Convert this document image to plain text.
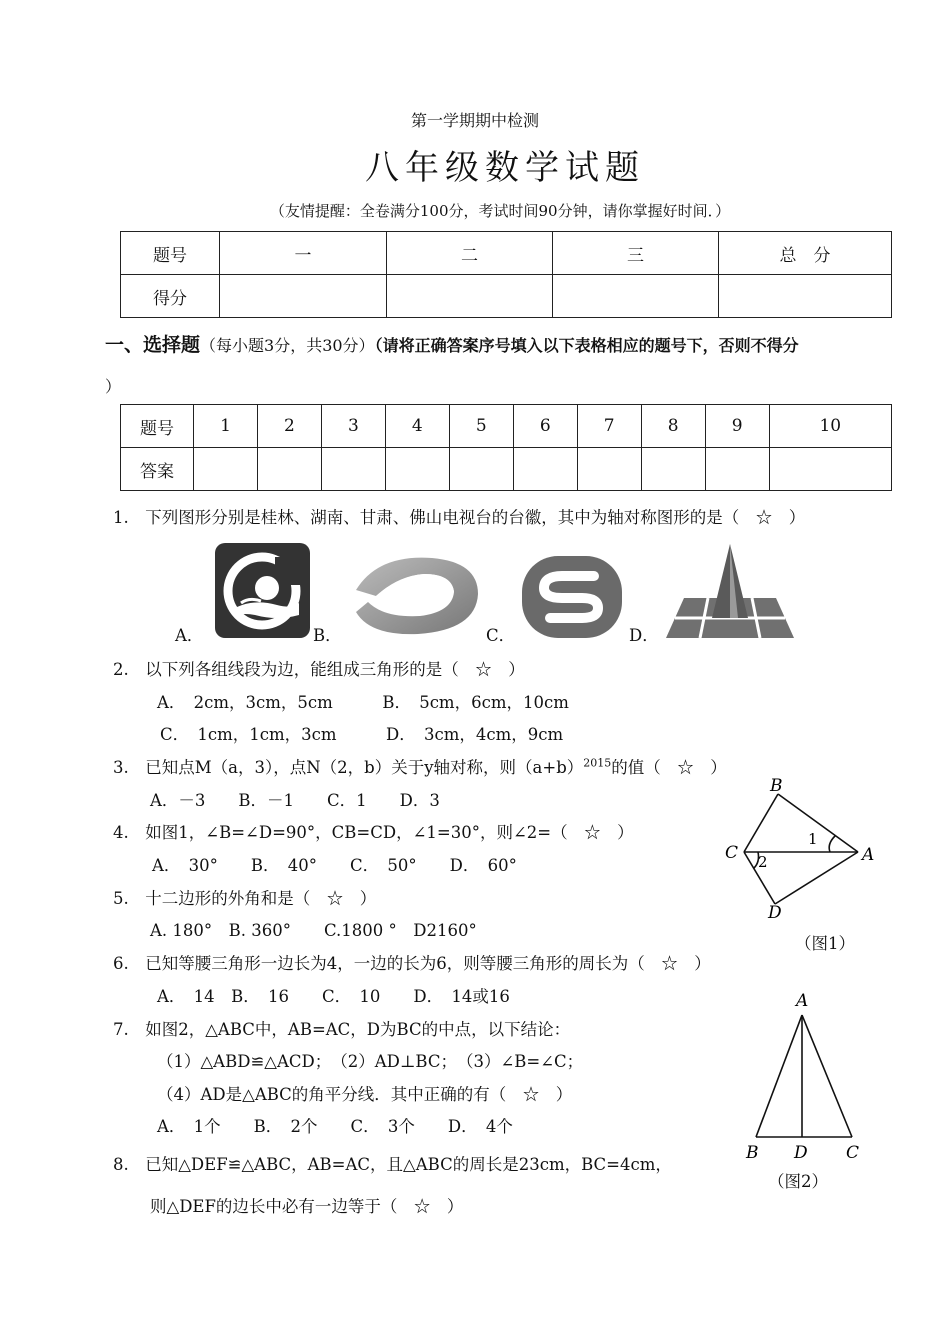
第一学期期中检测
八年级数学试题
（友情提醒：全卷满分100分，考试时间90分钟，请你掌握好时间．）
题号	一	二	三	总　分
得分				
一、选择题（每小题3分，共30分）（请将正确答案序号填入以下表格相应的题号下，否则不得分
）
题号	1	2	3	4	5	6	7	8	9	10
答案										
1.　下列图形分别是桂林、湖南、甘肃、佛山电视台的台徽，其中为轴对称图形的是（　☆　）
A．	B．	C．	D．
2.　以下列各组线段为边，能组成三角形的是（　☆　）
A．　2cm，3cm，5cm　　　B．　5cm，6cm，10cm
C．　1cm，1cm，3cm　　　D．　3cm，4cm，9cm
3.　已知点M（a，3），点N（2，b）关于y轴对称，则$(a+b)^{2015}$的值（　☆　）
A．－3　　B．－1　　C．1　　D．3
4.　如图1，∠B=∠D=90°，CB=CD，∠1=30°，则∠2=（　☆　）
A．　30°　　B．　40°　　C．　50°　　D．　60°
5.　十二边形的外角和是（　☆　）
A. 180°　B. 360°　　C.1800 °　D2160°
6.　已知等腰三角形一边长为4，一边的长为6，则等腰三角形的周长为（　☆　）
A．　14　B．　16　　C．　10　　D．　14或16
7.　如图2，△ABC中，AB=AC，D为BC的中点，以下结论：
（1）△ABD≌△ACD；　（2）AD⊥BC；　（3）∠B=∠C；
（4）AD是△ABC的角平分线．其中正确的有（　☆　）
A．　1个　　B．　2个　　C．　3个　　D．　4个
8.　已知△DEF≌△ABC，AB=AC，且△ABC的周长是23cm，BC=4cm，
则△DEF的边长中必有一边等于（　☆　）
B
C	A
D
1
2
（图1）
A
B D C
（图2）
